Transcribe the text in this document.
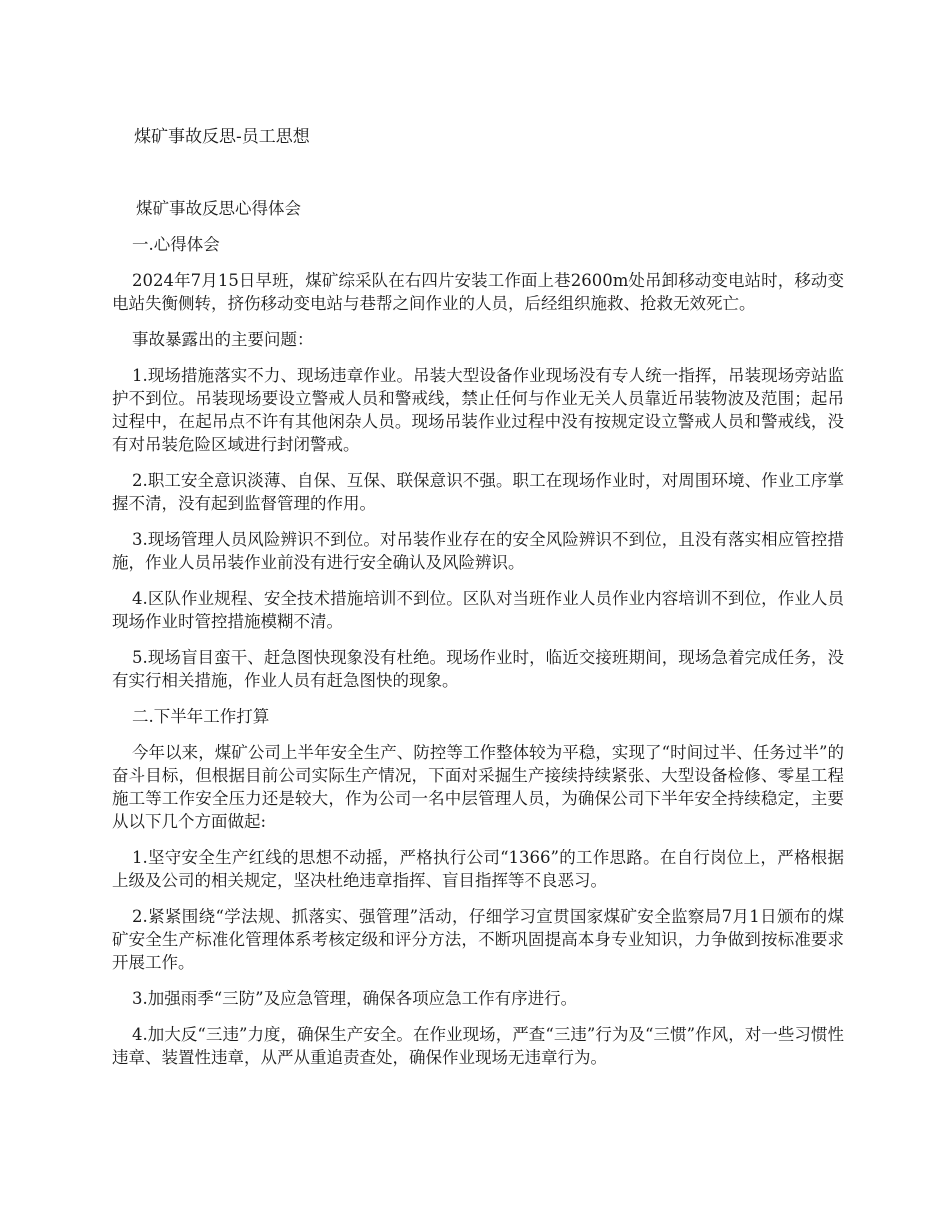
煤矿事故反思-员工思想

煤矿事故反思心得体会

一.心得体会

2024年7月15日早班，煤矿综采队在右四片安装工作面上巷2600m处吊卸移动变电站时，移动变电站失衡侧转，挤伤移动变电站与巷帮之间作业的人员，后经组织施救、抢救无效死亡。

事故暴露出的主要问题：

1.现场措施落实不力、现场违章作业。吊装大型设备作业现场没有专人统一指挥，吊装现场旁站监护不到位。吊装现场要设立警戒人员和警戒线，禁止任何与作业无关人员靠近吊装物波及范围；起吊过程中，在起吊点不许有其他闲杂人员。现场吊装作业过程中没有按规定设立警戒人员和警戒线，没有对吊装危险区域进行封闭警戒。

2.职工安全意识淡薄、自保、互保、联保意识不强。职工在现场作业时，对周围环境、作业工序掌握不清，没有起到监督管理的作用。

3.现场管理人员风险辨识不到位。对吊装作业存在的安全风险辨识不到位，且没有落实相应管控措施，作业人员吊装作业前没有进行安全确认及风险辨识。

4.区队作业规程、安全技术措施培训不到位。区队对当班作业人员作业内容培训不到位，作业人员现场作业时管控措施模糊不清。

5.现场盲目蛮干、赶急图快现象没有杜绝。现场作业时，临近交接班期间，现场急着完成任务，没有实行相关措施，作业人员有赶急图快的现象。

二.下半年工作打算

今年以来，煤矿公司上半年安全生产、防控等工作整体较为平稳，实现了“时间过半、任务过半”的奋斗目标，但根据目前公司实际生产情况，下面对采掘生产接续持续紧张、大型设备检修、零星工程施工等工作安全压力还是较大，作为公司一名中层管理人员，为确保公司下半年安全持续稳定，主要从以下几个方面做起:

1.坚守安全生产红线的思想不动摇，严格执行公司“1366”的工作思路。在自行岗位上，严格根据上级及公司的相关规定，坚决杜绝违章指挥、盲目指挥等不良恶习。

2.紧紧围绕“学法规、抓落实、强管理”活动，仔细学习宣贯国家煤矿安全监察局7月1日颁布的煤矿安全生产标准化管理体系考核定级和评分方法，不断巩固提高本身专业知识，力争做到按标准要求开展工作。

3.加强雨季“三防”及应急管理，确保各项应急工作有序进行。

4.加大反“三违”力度，确保生产安全。在作业现场，严查“三违”行为及“三惯”作风，对一些习惯性违章、装置性违章，从严从重追责查处，确保作业现场无违章行为。
